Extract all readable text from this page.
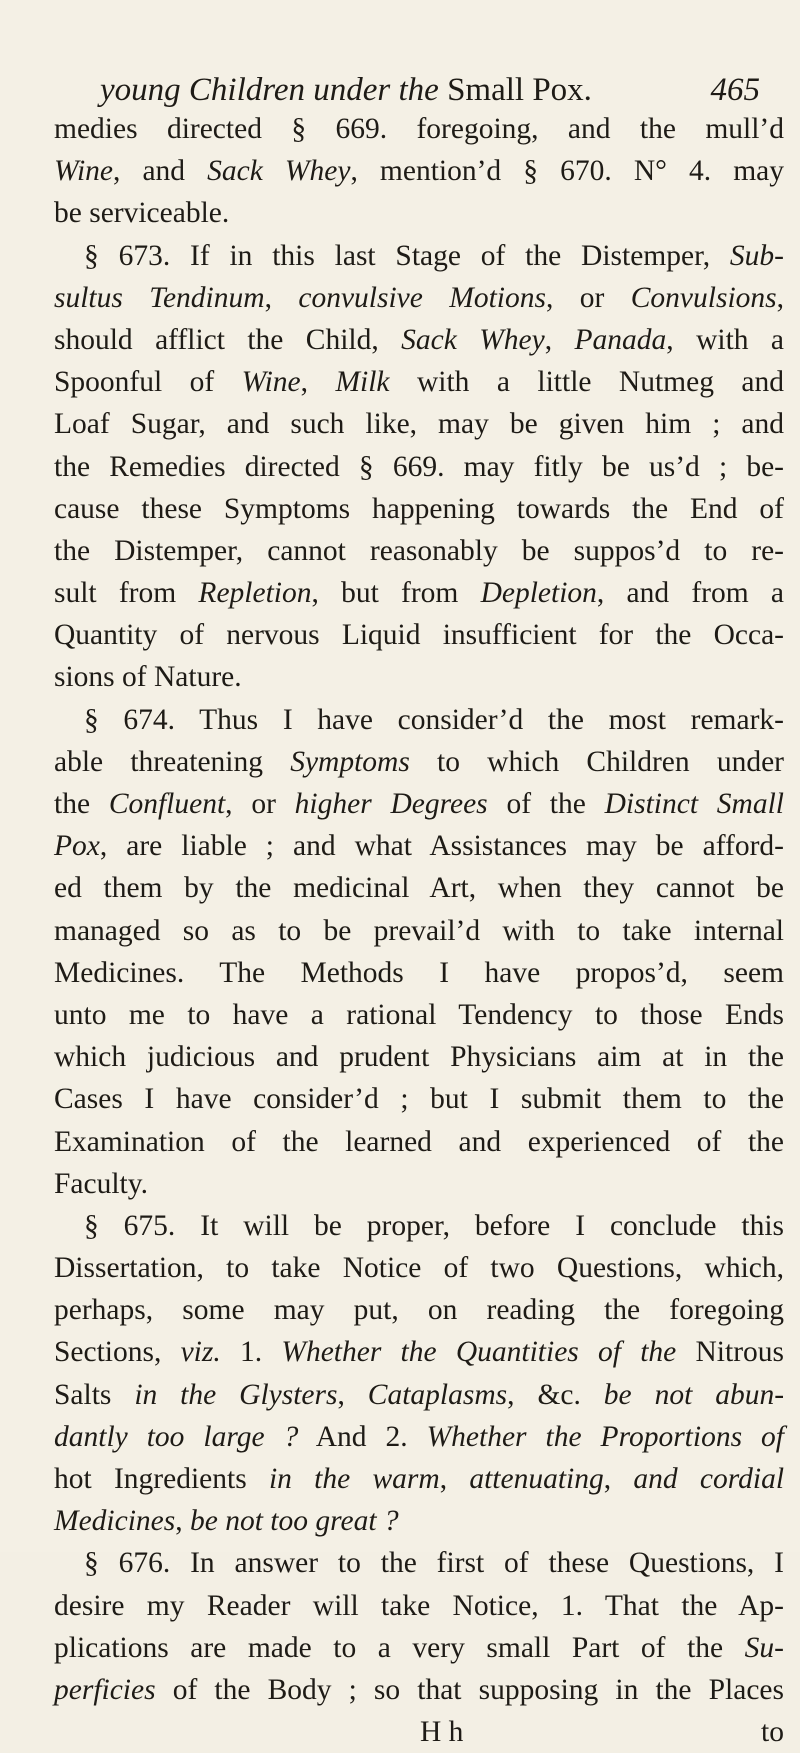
young Children under the Small Pox.	465
medies directed § 669. foregoing, and the mull’d
Wine, and Sack Whey, mention’d § 670. N° 4. may
be serviceable.
§ 673. If in this last Stage of the Distemper, Sub-
sultus Tendinum, convulsive Motions, or Convulsions,
should afflict the Child, Sack Whey, Panada, with a
Spoonful of Wine, Milk with a little Nutmeg and
Loaf Sugar, and such like, may be given him ; and
the Remedies directed § 669. may fitly be us’d ; be-
cause these Symptoms happening towards the End of
the Distemper, cannot reasonably be suppos’d to re-
sult from Repletion, but from Depletion, and from a
Quantity of nervous Liquid insufficient for the Occa-
sions of Nature.
§ 674. Thus I have consider’d the most remark-
able threatening Symptoms to which Children under
the Confluent, or higher Degrees of the Distinct Small
Pox, are liable ; and what Assistances may be afford-
ed them by the medicinal Art, when they cannot be
managed so as to be prevail’d with to take internal
Medicines. The Methods I have propos’d, seem
unto me to have a rational Tendency to those Ends
which judicious and prudent Physicians aim at in the
Cases I have consider’d ; but I submit them to the
Examination of the learned and experienced of the
Faculty.
§ 675. It will be proper, before I conclude this
Dissertation, to take Notice of two Questions, which,
perhaps, some may put, on reading the foregoing
Sections, viz. 1. Whether the Quantities of the Nitrous
Salts in the Glysters, Cataplasms, &c. be not abun-
dantly too large ? And 2. Whether the Proportions of
hot Ingredients in the warm, attenuating, and cordial
Medicines, be not too great ?
§ 676. In answer to the first of these Questions, I
desire my Reader will take Notice, 1. That the Ap-
plications are made to a very small Part of the Su-
perficies of the Body ; so that supposing in the Places
H h	to
